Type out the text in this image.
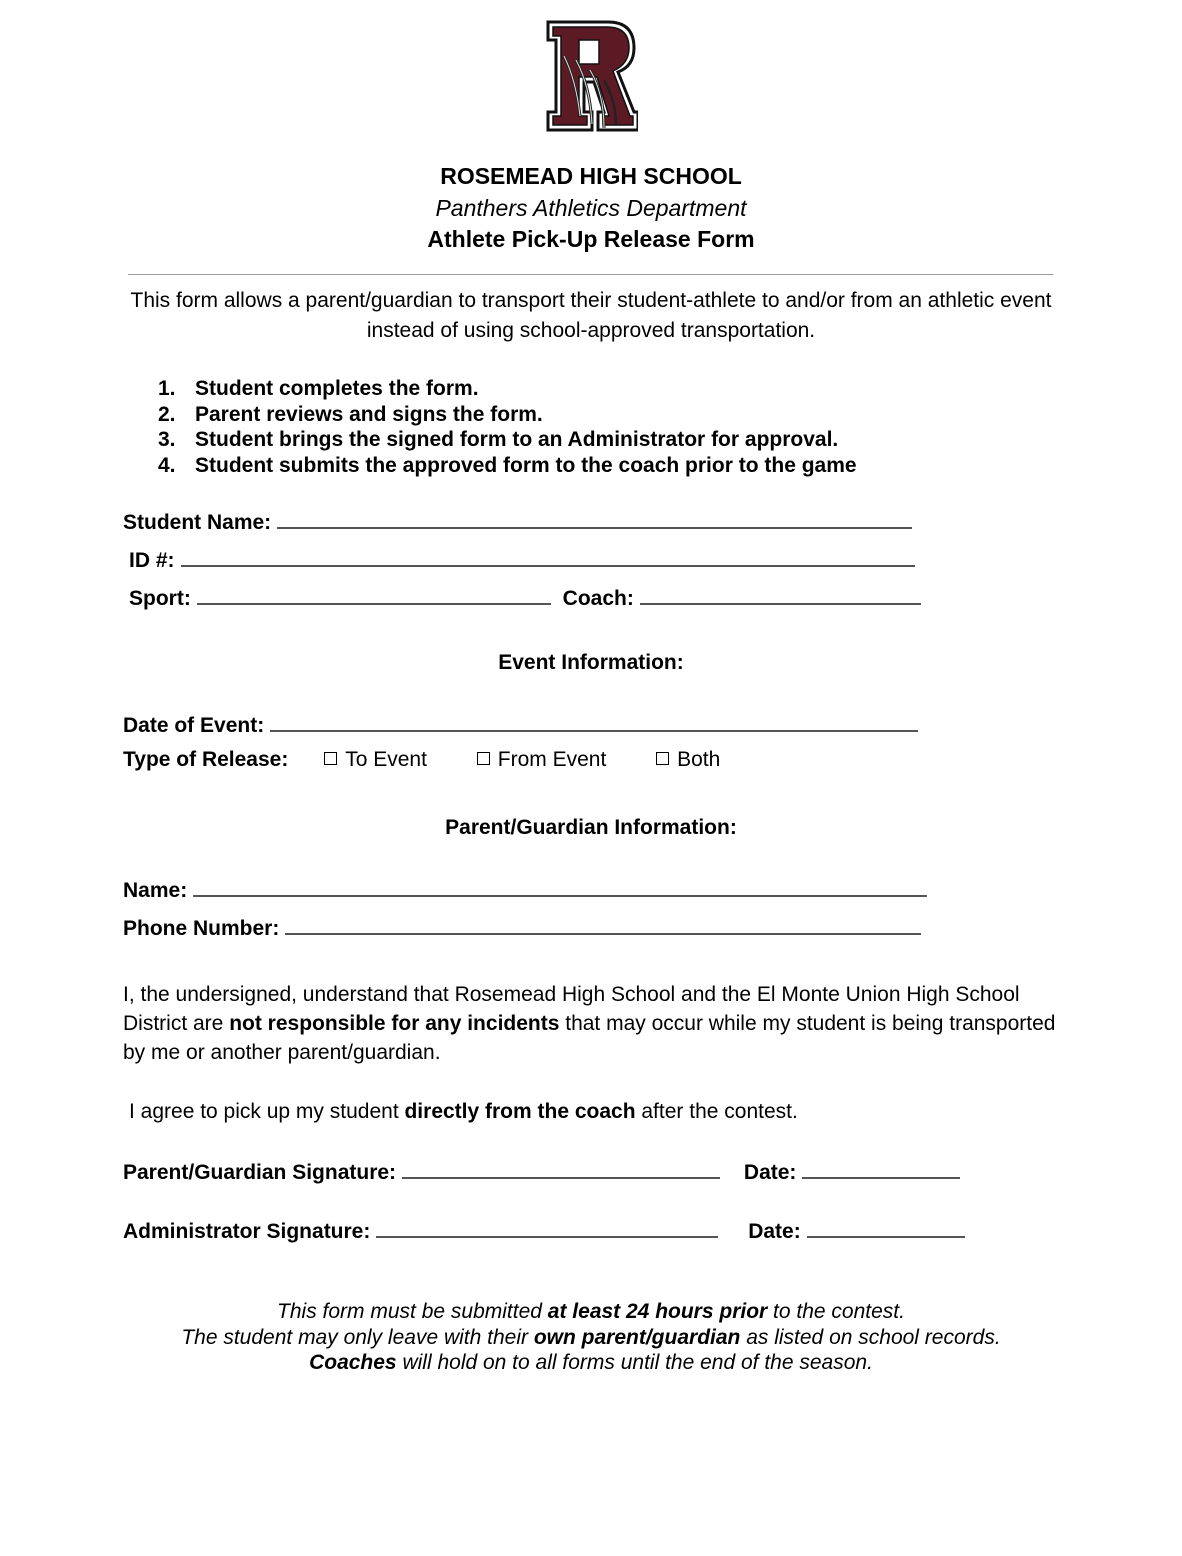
ROSEMEAD HIGH SCHOOL
Panthers Athletics Department
Athlete Pick-Up Release Form
This form allows a parent/guardian to transport their student-athlete to and/or from an athletic event instead of using school-approved transportation.
1. Student completes the form.
2. Parent reviews and signs the form.
3. Student brings the signed form to an Administrator for approval.
4. Student submits the approved form to the coach prior to the game
Student Name:
ID #:
Sport:	Coach:
Event Information:
Date of Event:
Type of Release:	To Event	From Event	Both
Parent/Guardian Information:
Name:
Phone Number:
I, the undersigned, understand that Rosemead High School and the El Monte Union High School District are not responsible for any incidents that may occur while my student is being transported by me or another parent/guardian.
I agree to pick up my student directly from the coach after the contest.
Parent/Guardian Signature:	Date:
Administrator Signature:	Date:
This form must be submitted at least 24 hours prior to the contest.
The student may only leave with their own parent/guardian as listed on school records.
Coaches will hold on to all forms until the end of the season.
